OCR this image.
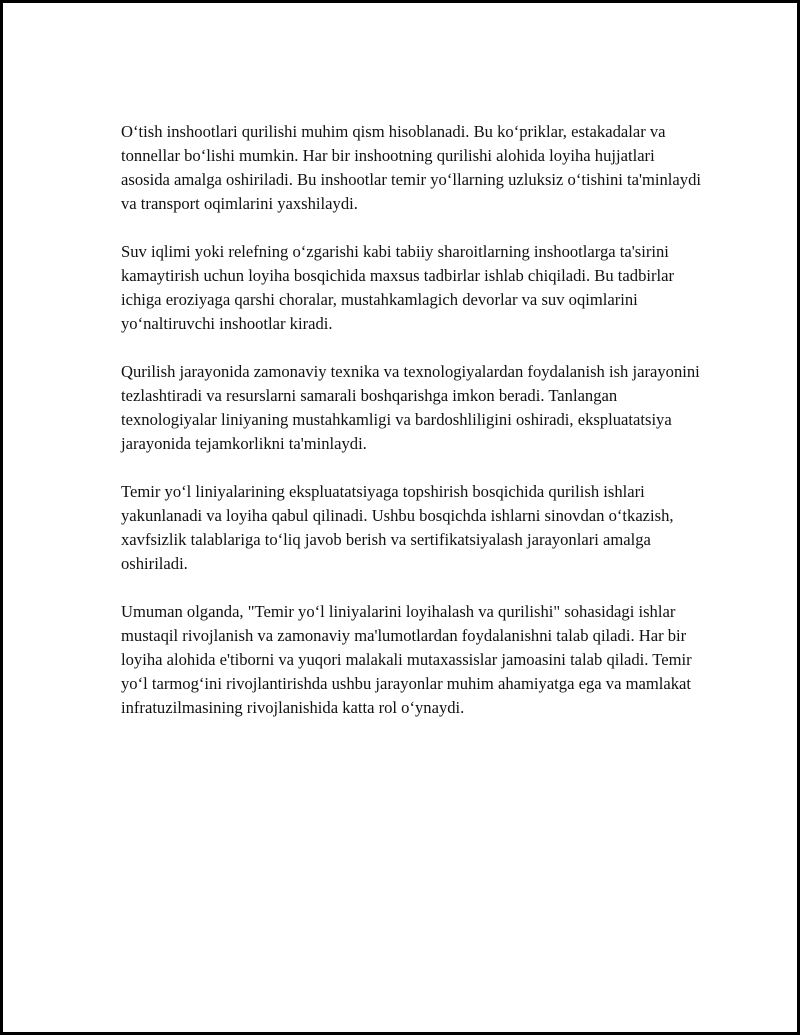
O‘tish inshootlari qurilishi muhim qism hisoblanadi. Bu ko‘priklar, estakadalar va tonnellar bo‘lishi mumkin. Har bir inshootning qurilishi alohida loyiha hujjatlari asosida amalga oshiriladi. Bu inshootlar temir yo‘llarning uzluksiz o‘tishini ta'minlaydi va transport oqimlarini yaxshilaydi.

Suv iqlimi yoki relefning o‘zgarishi kabi tabiiy sharoitlarning inshootlarga ta'sirini kamaytirish uchun loyiha bosqichida maxsus tadbirlar ishlab chiqiladi. Bu tadbirlar ichiga eroziyaga qarshi choralar, mustahkamlagich devorlar va suv oqimlarini yo‘naltiruvchi inshootlar kiradi.

Qurilish jarayonida zamonaviy texnika va texnologiyalardan foydalanish ish jarayonini tezlashtiradi va resurslarni samarali boshqarishga imkon beradi. Tanlangan texnologiyalar liniyaning mustahkamligi va bardoshliligini oshiradi, ekspluatatsiya jarayonida tejamkorlikni ta'minlaydi.

Temir yo‘l liniyalarining ekspluatatsiyaga topshirish bosqichida qurilish ishlari yakunlanadi va loyiha qabul qilinadi. Ushbu bosqichda ishlarni sinovdan o‘tkazish, xavfsizlik talablariga to‘liq javob berish va sertifikatsiyalash jarayonlari amalga oshiriladi.

Umuman olganda, "Temir yo‘l liniyalarini loyihalash va qurilishi" sohasidagi ishlar mustaqil rivojlanish va zamonaviy ma'lumotlardan foydalanishni talab qiladi. Har bir loyiha alohida e'tiborni va yuqori malakali mutaxassislar jamoasini talab qiladi. Temir yo‘l tarmog‘ini rivojlantirishda ushbu jarayonlar muhim ahamiyatga ega va mamlakat infratuzilmasining rivojlanishida katta rol o‘ynaydi.
